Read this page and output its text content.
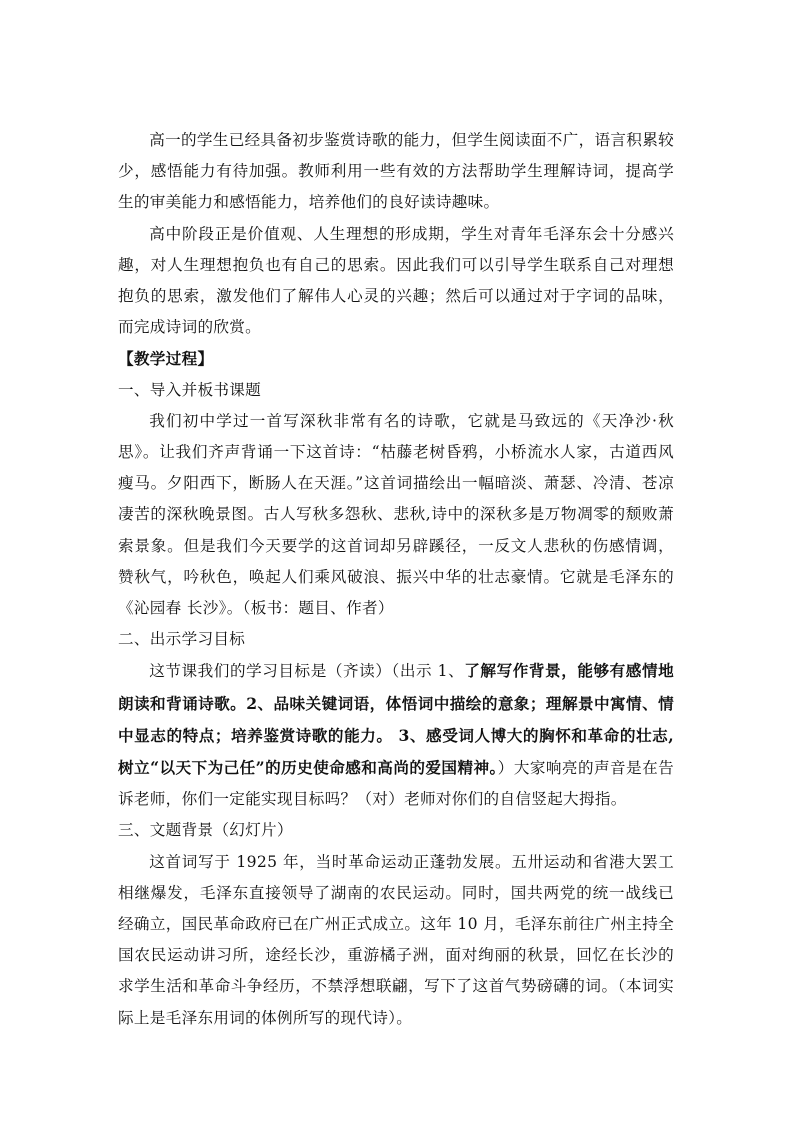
高一的学生已经具备初步鉴赏诗歌的能力，但学生阅读面不广，语言积累较少，感悟能力有待加强。教师利用一些有效的方法帮助学生理解诗词，提高学生的审美能力和感悟能力，培养他们的良好读诗趣味。

高中阶段正是价值观、人生理想的形成期，学生对青年毛泽东会十分感兴趣，对人生理想抱负也有自己的思索。因此我们可以引导学生联系自己对理想抱负的思索，激发他们了解伟人心灵的兴趣；然后可以通过对于字词的品味，而完成诗词的欣赏。

【教学过程】

一、导入并板书课题

我们初中学过一首写深秋非常有名的诗歌，它就是马致远的《天净沙·秋思》。让我们齐声背诵一下这首诗：“枯藤老树昏鸦，小桥流水人家，古道西风瘦马。夕阳西下，断肠人在天涯。”这首词描绘出一幅暗淡、萧瑟、冷清、苍凉凄苦的深秋晚景图。古人写秋多怨秋、悲秋,诗中的深秋多是万物凋零的颓败萧索景象。但是我们今天要学的这首词却另辟蹊径，一反文人悲秋的伤感情调，赞秋气，吟秋色，唤起人们乘风破浪、振兴中华的壮志豪情。它就是毛泽东的《沁园春 长沙》。（板书：题目、作者）

二、出示学习目标

这节课我们的学习目标是（齐读）（出示 1、了解写作背景，能够有感情地朗读和背诵诗歌。2、品味关键词语，体悟词中描绘的意象；理解景中寓情、情中显志的特点；培养鉴赏诗歌的能力。 3、感受词人博大的胸怀和革命的壮志,树立“以天下为己任”的历史使命感和高尚的爱国精神。）大家响亮的声音是在告诉老师，你们一定能实现目标吗？（对）老师对你们的自信竖起大拇指。

三、文题背景（幻灯片）

这首词写于 1925 年，当时革命运动正蓬勃发展。五卅运动和省港大罢工相继爆发，毛泽东直接领导了湖南的农民运动。同时，国共两党的统一战线已经确立，国民革命政府已在广州正式成立。这年 10 月，毛泽东前往广州主持全国农民运动讲习所，途经长沙，重游橘子洲，面对绚丽的秋景，回忆在长沙的求学生活和革命斗争经历，不禁浮想联翩，写下了这首气势磅礴的词。（本词实际上是毛泽东用词的体例所写的现代诗）。
